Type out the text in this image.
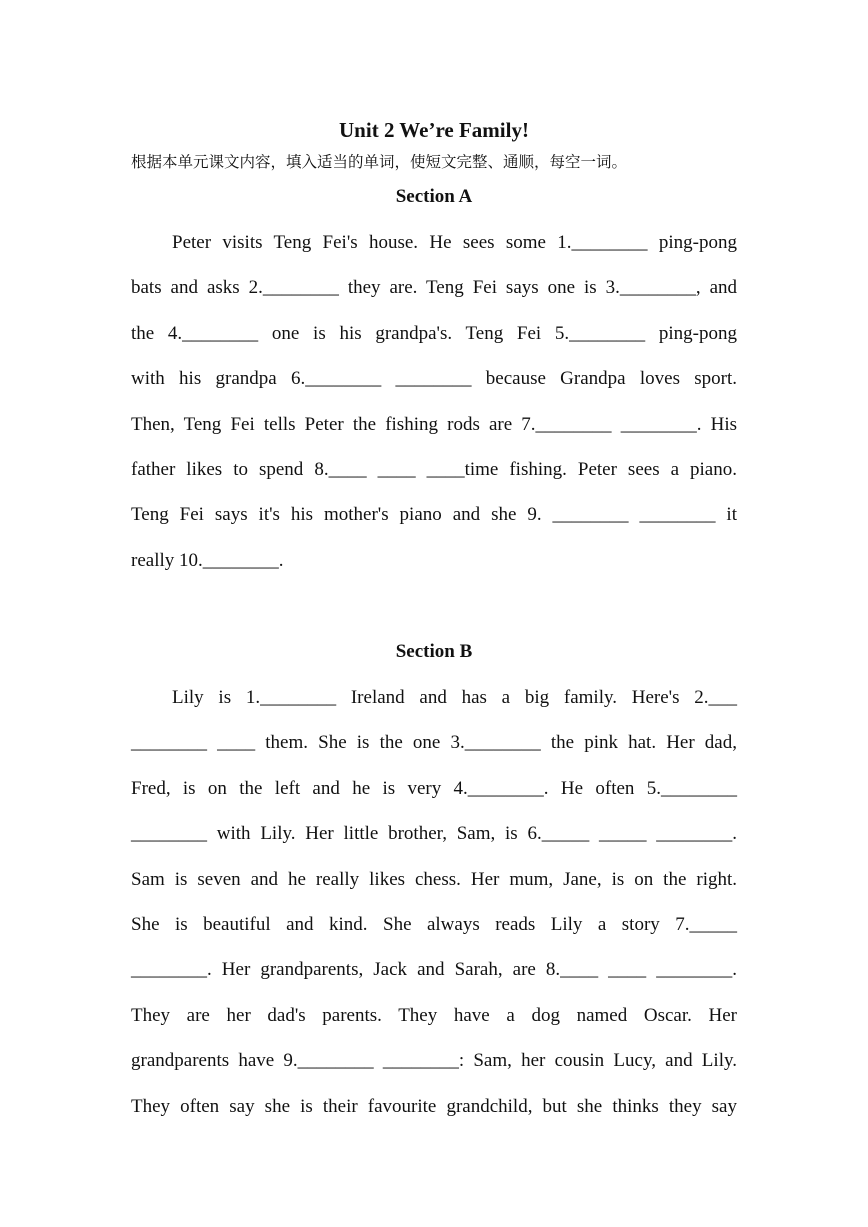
Unit 2 We’re Family!
根据本单元课文内容，填入适当的单词，使短文完整、通顺，每空一词。
Section A
Peter visits Teng Fei's house. He sees some 1.________ ping-pong
bats and asks 2.________ they are. Teng Fei says one is 3.________, and
the 4.________ one is his grandpa's. Teng Fei 5.________ ping-pong
with his grandpa 6.________ ________ because Grandpa loves sport.
Then, Teng Fei tells Peter the fishing rods are 7.________ ________. His
father likes to spend 8.____ ____ ____time fishing. Peter sees a piano.
Teng Fei says it's his mother's piano and she 9. ________ ________ it
really 10.________.
Section B
Lily is 1.________ Ireland and has a big family. Here's 2.___
________ ____ them. She is the one 3.________ the pink hat. Her dad,
Fred, is on the left and he is very 4.________. He often 5.________
________ with Lily. Her little brother, Sam, is 6._____ _____ ________.
Sam is seven and he really likes chess. Her mum, Jane, is on the right.
She is beautiful and kind. She always reads Lily a story 7._____
________. Her grandparents, Jack and Sarah, are 8.____ ____ ________.
They are her dad's parents. They have a dog named Oscar. Her
grandparents have 9.________ ________: Sam, her cousin Lucy, and Lily.
They often say she is their favourite grandchild, but she thinks they say
